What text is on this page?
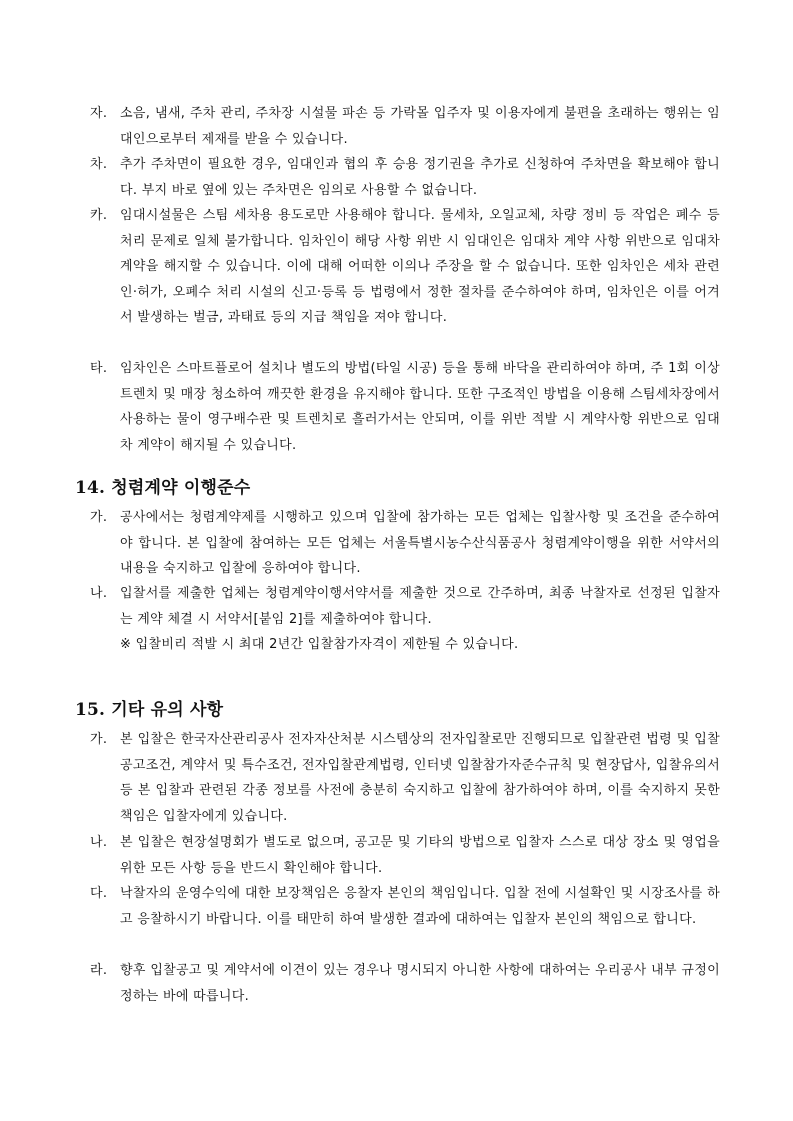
자. 소음, 냄새, 주차 관리, 주차장 시설물 파손 등 가락몰 입주자 및 이용자에게 불편을 초래하는 행위는 임대인으로부터 제재를 받을 수 있습니다.
차. 추가 주차면이 필요한 경우, 임대인과 협의 후 승용 정기권을 추가로 신청하여 주차면을 확보해야 합니다. 부지 바로 옆에 있는 주차면은 임의로 사용할 수 없습니다.
카. 임대시설물은 스팀 세차용 용도로만 사용해야 합니다. 물세차, 오일교체, 차량 정비 등 작업은 폐수 등 처리 문제로 일체 불가합니다. 임차인이 해당 사항 위반 시 임대인은 임대차 계약 사항 위반으로 임대차 계약을 해지할 수 있습니다. 이에 대해 어떠한 이의나 주장을 할 수 없습니다. 또한 임차인은 세차 관련 인·허가, 오폐수 처리 시설의 신고·등록 등 법령에서 정한 절차를 준수하여야 하며, 임차인은 이를 어겨서 발생하는 벌금, 과태료 등의 지급 책임을 져야 합니다.
타. 임차인은 스마트플로어 설치나 별도의 방법(타일 시공) 등을 통해 바닥을 관리하여야 하며, 주 1회 이상 트렌치 및 매장 청소하여 깨끗한 환경을 유지해야 합니다. 또한 구조적인 방법을 이용해 스팀세차장에서 사용하는 물이 영구배수관 및 트렌치로 흘러가서는 안되며, 이를 위반 적발 시 계약사항 위반으로 임대차 계약이 해지될 수 있습니다.
14. 청렴계약 이행준수
가. 공사에서는 청렴계약제를 시행하고 있으며 입찰에 참가하는 모든 업체는 입찰사항 및 조건을 준수하여야 합니다. 본 입찰에 참여하는 모든 업체는 서울특별시농수산식품공사 청렴계약이행을 위한 서약서의 내용을 숙지하고 입찰에 응하여야 합니다.
나. 입찰서를 제출한 업체는 청렴계약이행서약서를 제출한 것으로 간주하며, 최종 낙찰자로 선정된 입찰자는 계약 체결 시 서약서[붙임 2]를 제출하여야 합니다.
※ 입찰비리 적발 시 최대 2년간 입찰참가자격이 제한될 수 있습니다.
15. 기타 유의 사항
가. 본 입찰은 한국자산관리공사 전자자산처분 시스템상의 전자입찰로만 진행되므로 입찰관련 법령 및 입찰공고조건, 계약서 및 특수조건, 전자입찰관계법령, 인터넷 입찰참가자준수규칙 및 현장답사, 입찰유의서 등 본 입찰과 관련된 각종 정보를 사전에 충분히 숙지하고 입찰에 참가하여야 하며, 이를 숙지하지 못한 책임은 입찰자에게 있습니다.
나. 본 입찰은 현장설명회가 별도로 없으며, 공고문 및 기타의 방법으로 입찰자 스스로 대상 장소 및 영업을 위한 모든 사항 등을 반드시 확인해야 합니다.
다. 낙찰자의 운영수익에 대한 보장책임은 응찰자 본인의 책임입니다. 입찰 전에 시설확인 및 시장조사를 하고 응찰하시기 바랍니다. 이를 태만히 하여 발생한 결과에 대하여는 입찰자 본인의 책임으로 합니다.
라. 향후 입찰공고 및 계약서에 이견이 있는 경우나 명시되지 아니한 사항에 대하여는 우리공사 내부 규정이 정하는 바에 따릅니다.
